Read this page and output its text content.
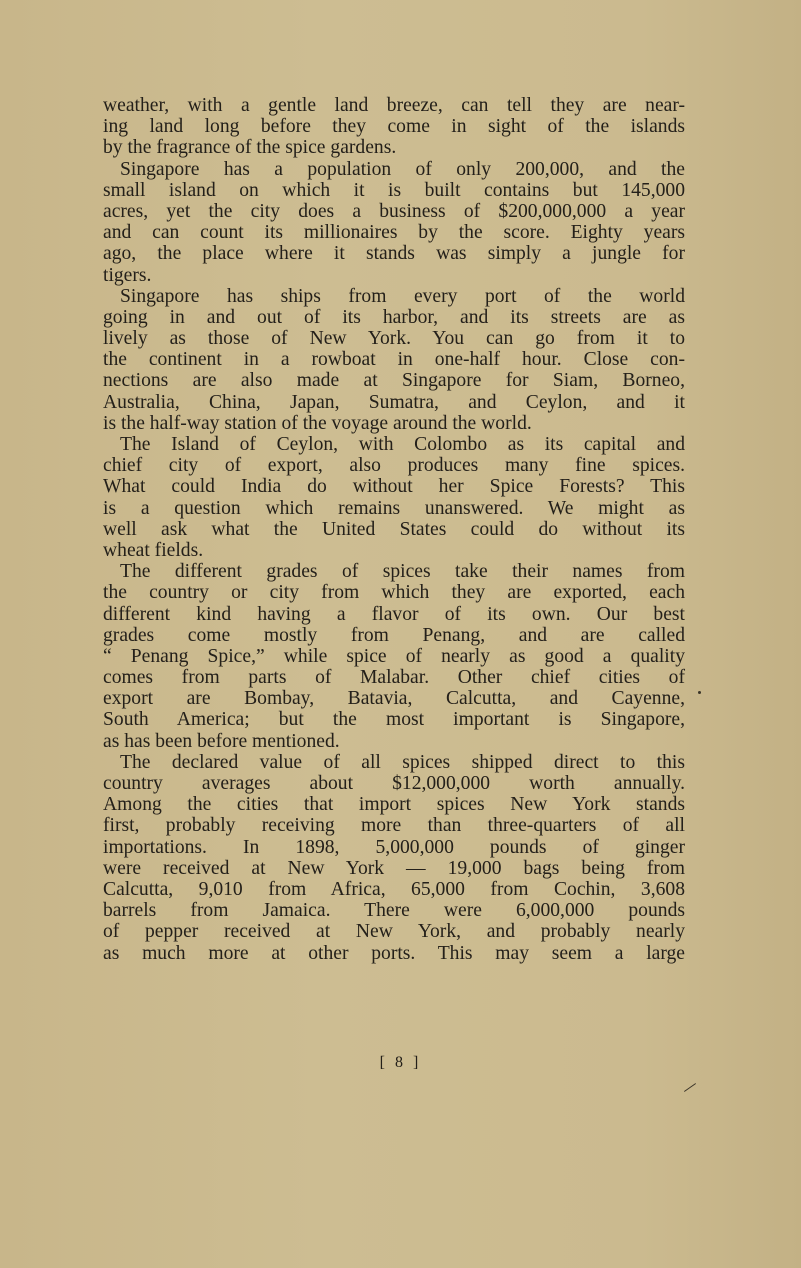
weather, with a gentle land breeze, can tell they are near-
ing land long before they come in sight of the islands
by the fragrance of the spice gardens.
Singapore has a population of only 200,000, and the
small island on which it is built contains but 145,000
acres, yet the city does a business of $200,000,000 a year
and can count its millionaires by the score. Eighty years
ago, the place where it stands was simply a jungle for
tigers.
Singapore has ships from every port of the world
going in and out of its harbor, and its streets are as
lively as those of New York. You can go from it to
the continent in a rowboat in one-half hour. Close con-
nections are also made at Singapore for Siam, Borneo,
Australia, China, Japan, Sumatra, and Ceylon, and it
is the half-way station of the voyage around the world.
The Island of Ceylon, with Colombo as its capital and
chief city of export, also produces many fine spices.
What could India do without her Spice Forests? This
is a question which remains unanswered. We might as
well ask what the United States could do without its
wheat fields.
The different grades of spices take their names from
the country or city from which they are exported, each
different kind having a flavor of its own. Our best
grades come mostly from Penang, and are called
“ Penang Spice,” while spice of nearly as good a quality
comes from parts of Malabar. Other chief cities of
export are Bombay, Batavia, Calcutta, and Cayenne,
South America; but the most important is Singapore,
as has been before mentioned.
The declared value of all spices shipped direct to this
country averages about $12,000,000 worth annually.
Among the cities that import spices New York stands
first, probably receiving more than three-quarters of all
importations. In 1898, 5,000,000 pounds of ginger
were received at New York — 19,000 bags being from
Calcutta, 9,010 from Africa, 65,000 from Cochin, 3,608
barrels from Jamaica. There were 6,000,000 pounds
of pepper received at New York, and probably nearly
as much more at other ports. This may seem a large
[ 8 ]
